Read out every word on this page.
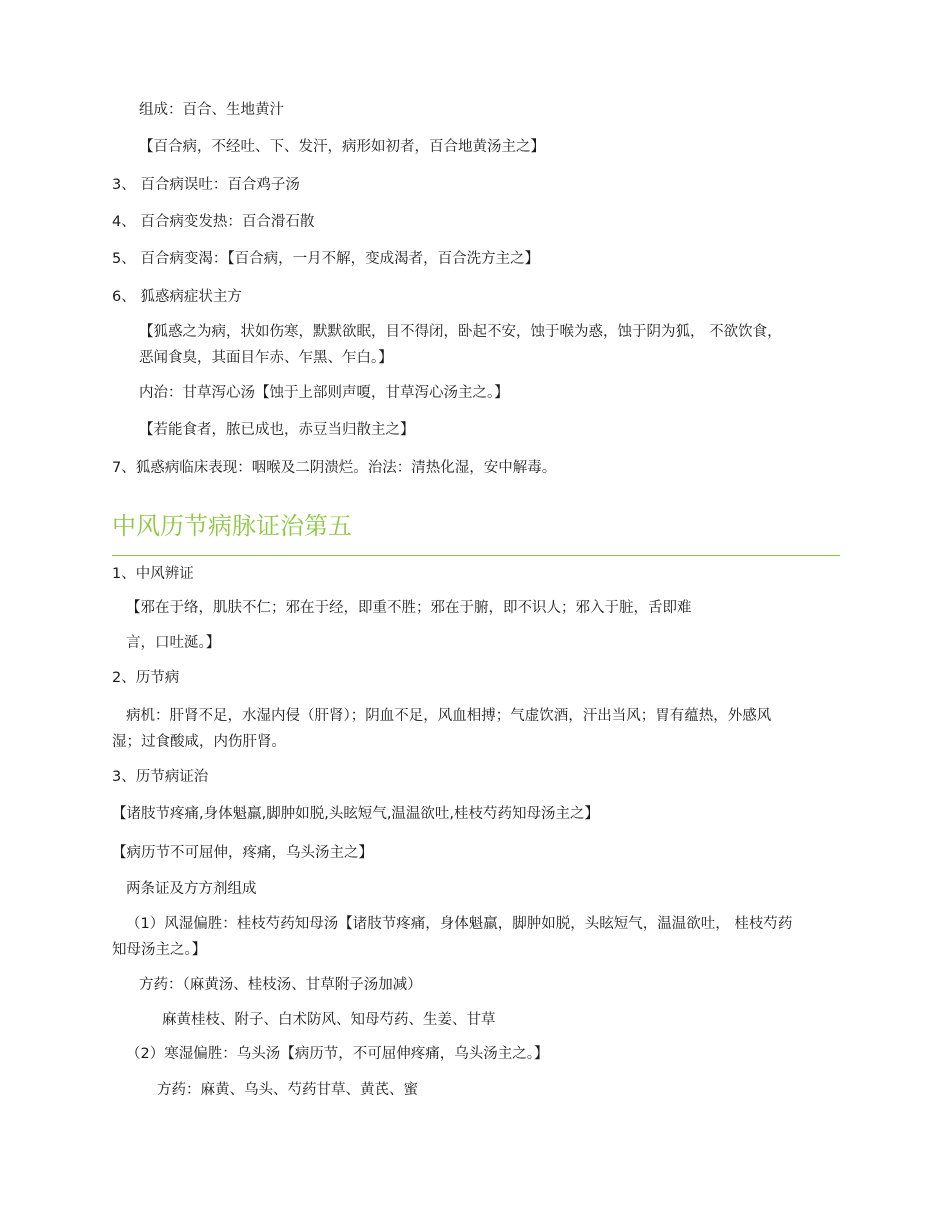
组成：百合、生地黄汁
【百合病，不经吐、下、发汗，病形如初者，百合地黄汤主之】
3、 百合病误吐：百合鸡子汤
4、 百合病变发热：百合滑石散
5、 百合病变渴：【百合病，一月不解，变成渴者，百合洗方主之】
6、 狐惑病症状主方
【狐惑之为病，状如伤寒，默默欲眠，目不得闭，卧起不安，蚀于喉为惑，蚀于阴为狐， 不欲饮食，
恶闻食臭，其面目乍赤、乍黑、乍白。】
内治：甘草泻心汤【蚀于上部则声嗄，甘草泻心汤主之。】
【若能食者，脓已成也，赤豆当归散主之】
7、狐惑病临床表现：咽喉及二阴溃烂。治法：清热化湿，安中解毒。
中风历节病脉证治第五
1、中风辨证
【邪在于络，肌肤不仁；邪在于经，即重不胜；邪在于腑，即不识人；邪入于脏，舌即难
言，口吐涎。】
2、历节病
病机：肝肾不足，水湿内侵（肝肾）；阴血不足，风血相搏；气虚饮酒，汗出当风；胃有蕴热，外感风
湿；过食酸咸，内伤肝肾。
3、历节病证治
【诸肢节疼痛,身体魁羸,脚肿如脱,头眩短气,温温欲吐,桂枝芍药知母汤主之】
【病历节不可屈伸，疼痛，乌头汤主之】
两条证及方方剂组成
（1）风湿偏胜：桂枝芍药知母汤【诸肢节疼痛，身体魁羸，脚肿如脱，头眩短气，温温欲吐， 桂枝芍药
知母汤主之。】
方药：（麻黄汤、桂枝汤、甘草附子汤加减）
麻黄桂枝、附子、白术防风、知母芍药、生姜、甘草
（2）寒湿偏胜：乌头汤【病历节，不可屈伸疼痛，乌头汤主之。】
方药：麻黄、乌头、芍药甘草、黄芪、蜜
